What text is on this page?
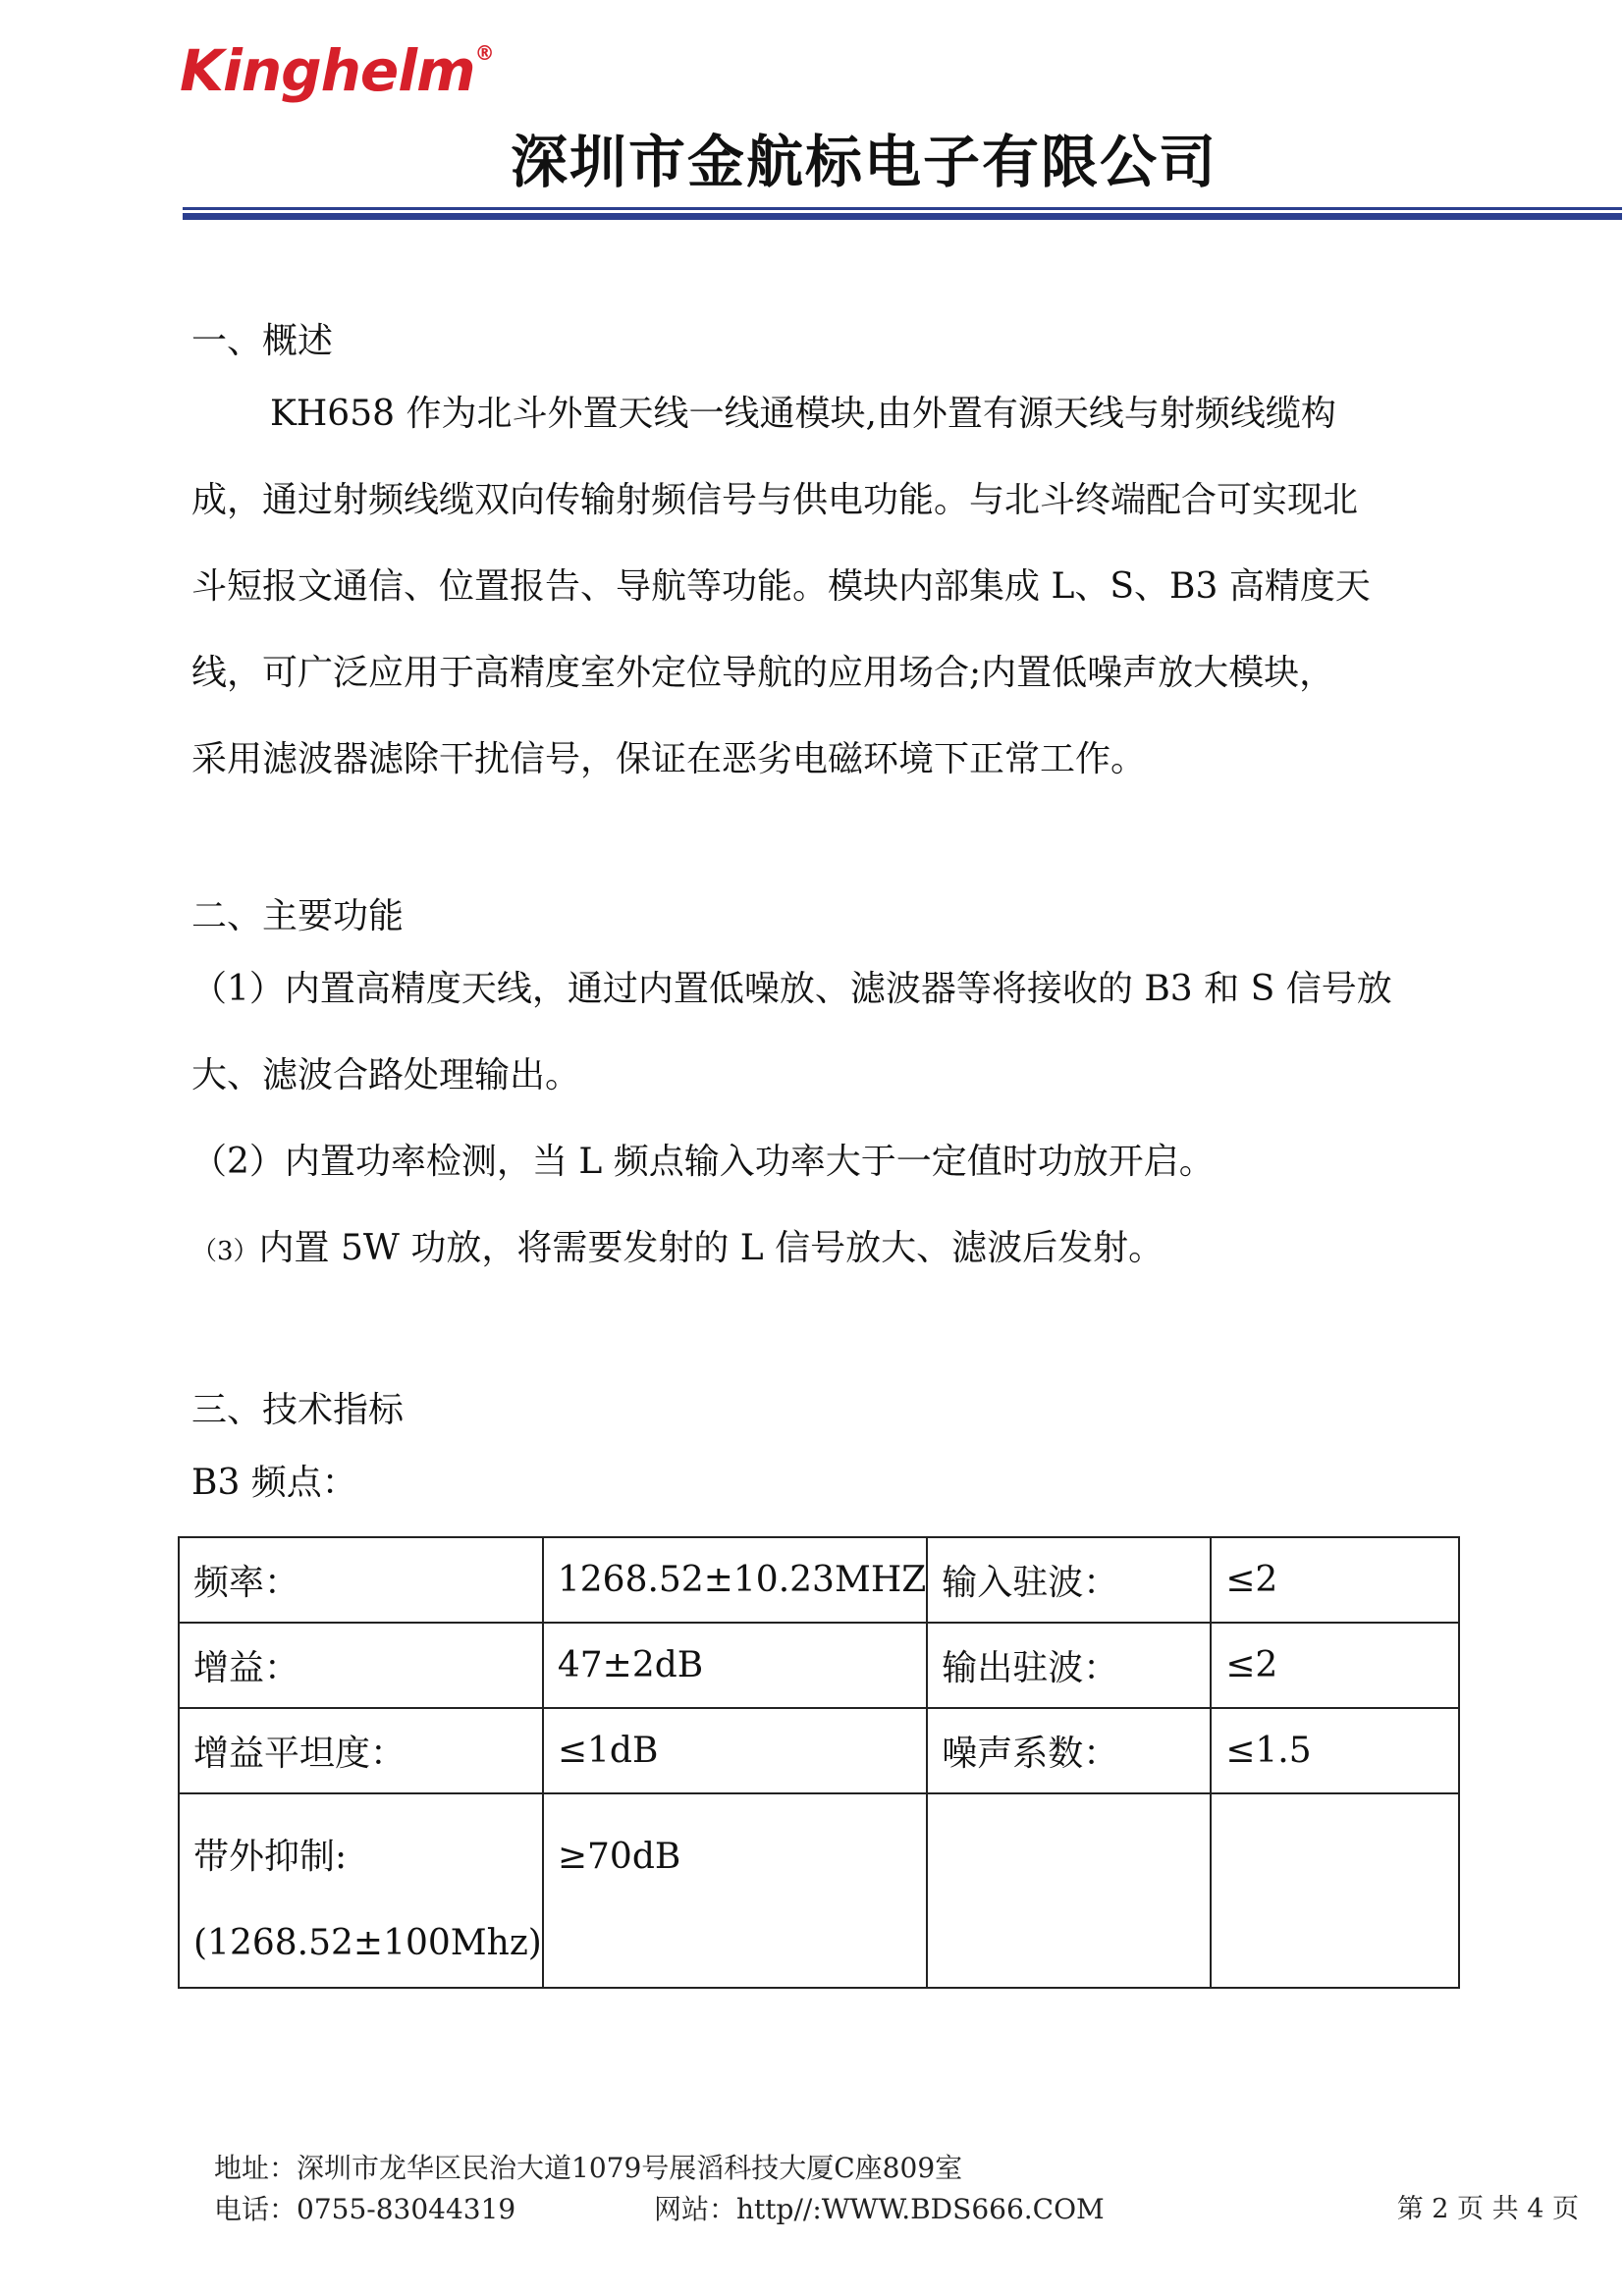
Kinghelm®
深圳市金航标电子有限公司
一、概述
KH658 作为北斗外置天线一线通模块,由外置有源天线与射频线缆构
成，通过射频线缆双向传输射频信号与供电功能。与北斗终端配合可实现北
斗短报文通信、位置报告、导航等功能。模块内部集成 L、S、B3 高精度天
线，可广泛应用于高精度室外定位导航的应用场合;内置低噪声放大模块，
采用滤波器滤除干扰信号，保证在恶劣电磁环境下正常工作。
二、主要功能
（1）内置高精度天线，通过内置低噪放、滤波器等将接收的 B3 和 S 信号放
大、滤波合路处理输出。
（2）内置功率检测，当 L 频点输入功率大于一定值时功放开启。
（3）内置 5W 功放，将需要发射的 L 信号放大、滤波后发射。
三、技术指标
B3 频点：
频率：	1268.52±10.23MHZ	输入驻波：	≤2
增益：	47±2dB	输出驻波：	≤2
增益平坦度：	≤1dB	噪声系数：	≤1.5

带外抑制:
(1268.52±100Mhz)	≥70dB		

地址：深圳市龙华区民治大道1079号展滔科技大厦C座809室
电话：0755-83044319	网站：http//:WWW.BDS666.COM	第 2 页 共 4 页
